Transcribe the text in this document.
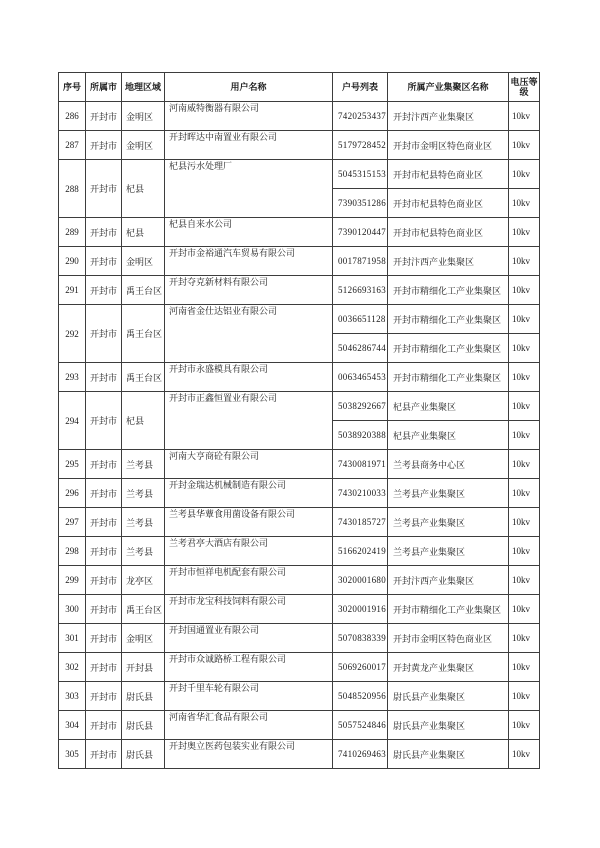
序号	所属市	地理区域	用户名称	户号列表	所属产业集聚区名称	电压等级
286	开封市	金明区	河南威特衡器有限公司	7420253437	开封汴西产业集聚区	10kv
287	开封市	金明区	开封晖达中南置业有限公司	5179728452	开封市金明区特色商业区	10kv
288	开封市	杞县	杞县污水处理厂	5045315153	开封市杞县特色商业区	10kv
				7390351286	开封市杞县特色商业区	10kv
289	开封市	杞县	杞县自来水公司	7390120447	开封市杞县特色商业区	10kv
290	开封市	金明区	开封市金裕通汽车贸易有限公司	0017871958	开封汴西产业集聚区	10kv
291	开封市	禹王台区	开封夺克新材料有限公司	5126693163	开封市精细化工产业集聚区	10kv
292	开封市	禹王台区	河南省金仕达铝业有限公司	0036651128	开封市精细化工产业集聚区	10kv
				5046286744	开封市精细化工产业集聚区	10kv
293	开封市	禹王台区	开封市永盛模具有限公司	0063465453	开封市精细化工产业集聚区	10kv
294	开封市	杞县	开封市正鑫恒置业有限公司	5038292667	杞县产业集聚区	10kv
				5038920388	杞县产业集聚区	10kv
295	开封市	兰考县	河南大亨商砼有限公司	7430081971	兰考县商务中心区	10kv
296	开封市	兰考县	开封金瑞达机械制造有限公司	7430210033	兰考县产业集聚区	10kv
297	开封市	兰考县	兰考县华蕈食用菌设备有限公司	7430185727	兰考县产业集聚区	10kv
298	开封市	兰考县	兰考君亭大酒店有限公司	5166202419	兰考县产业集聚区	10kv
299	开封市	龙亭区	开封市恒祥电机配套有限公司	3020001680	开封汴西产业集聚区	10kv
300	开封市	禹王台区	开封市龙宝科技饲料有限公司	3020001916	开封市精细化工产业集聚区	10kv
301	开封市	金明区	开封国通置业有限公司	5070838339	开封市金明区特色商业区	10kv
302	开封市	开封县	开封市众诚路桥工程有限公司	5069260017	开封黄龙产业集聚区	10kv
303	开封市	尉氏县	开封千里车轮有限公司	5048520956	尉氏县产业集聚区	10kv
304	开封市	尉氏县	河南省华汇食品有限公司	5057524846	尉氏县产业集聚区	10kv
305	开封市	尉氏县	开封奥立医药包装实业有限公司	7410269463	尉氏县产业集聚区	10kv
